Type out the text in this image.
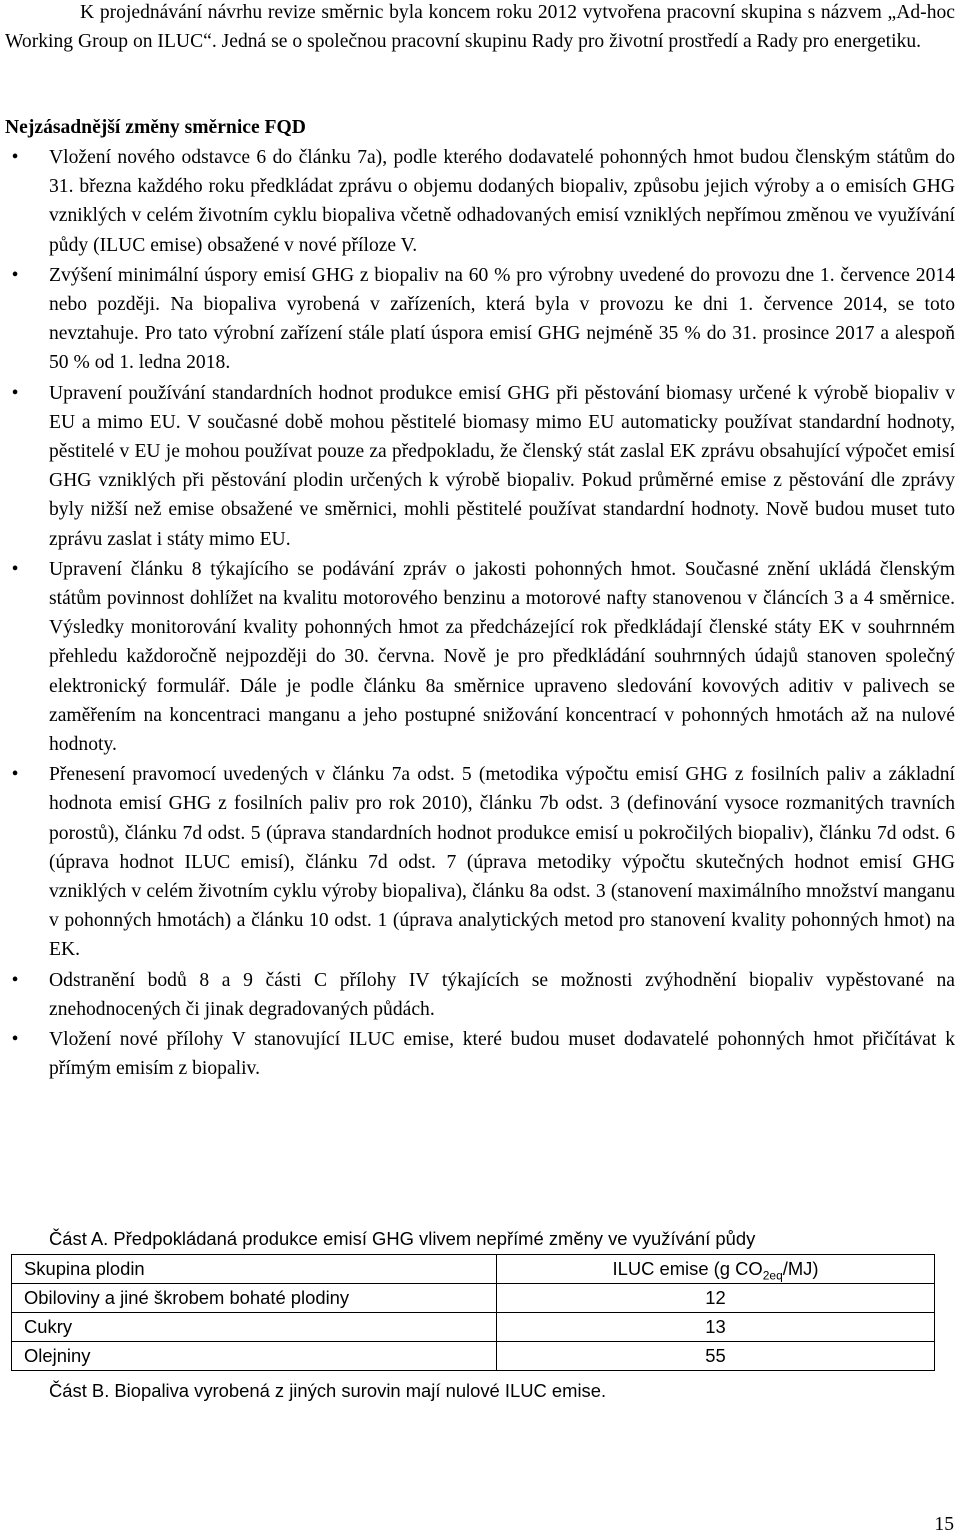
K projednávání návrhu revize směrnic byla koncem roku 2012 vytvořena pracovní skupina s názvem „Ad-hoc Working Group on ILUC“. Jedná se o společnou pracovní skupinu Rady pro životní prostředí a Rady pro energetiku.

Nejzásadnější změny směrnice FQD

•	Vložení nového odstavce 6 do článku 7a), podle kterého dodavatelé pohonných hmot budou členským státům do 31. března každého roku předkládat zprávu o objemu dodaných biopaliv, způsobu jejich výroby a o emisích GHG vzniklých v celém životním cyklu biopaliva včetně odhadovaných emisí vzniklých nepřímou změnou ve využívání půdy (ILUC emise) obsažené v nové příloze V.
•	Zvýšení minimální úspory emisí GHG z biopaliv na 60 % pro výrobny uvedené do provozu dne 1. července 2014 nebo později. Na biopaliva vyrobená v zařízeních, která byla v provozu ke dni 1. července 2014, se toto nevztahuje. Pro tato výrobní zařízení stále platí úspora emisí GHG nejméně 35 % do 31. prosince 2017 a alespoň 50 % od 1. ledna 2018.
•	Upravení používání standardních hodnot produkce emisí GHG při pěstování biomasy určené k výrobě biopaliv v EU a mimo EU. V současné době mohou pěstitelé biomasy mimo EU automaticky používat standardní hodnoty, pěstitelé v EU je mohou používat pouze za předpokladu, že členský stát zaslal EK zprávu obsahující výpočet emisí GHG vzniklých při pěstování plodin určených k výrobě biopaliv. Pokud průměrné emise z pěstování dle zprávy byly nižší než emise obsažené ve směrnici, mohli pěstitelé používat standardní hodnoty. Nově budou muset tuto zprávu zaslat i státy mimo EU.
•	Upravení článku 8 týkajícího se podávání zpráv o jakosti pohonných hmot. Současné znění ukládá členským státům povinnost dohlížet na kvalitu motorového benzinu a motorové nafty stanovenou v článcích 3 a 4 směrnice. Výsledky monitorování kvality pohonných hmot za předcházející rok předkládají členské státy EK v souhrnném přehledu každoročně nejpozději do 30. června. Nově je pro předkládání souhrnných údajů stanoven společný elektronický formulář. Dále je podle článku 8a směrnice upraveno sledování kovových aditiv v palivech se zaměřením na koncentraci manganu a jeho postupné snižování koncentrací v pohonných hmotách až na nulové hodnoty.
•	Přenesení pravomocí uvedených v článku 7a odst. 5 (metodika výpočtu emisí GHG z fosilních paliv a základní hodnota emisí GHG z fosilních paliv pro rok 2010), článku 7b odst. 3 (definování vysoce rozmanitých travních porostů), článku 7d odst. 5 (úprava standardních hodnot produkce emisí u pokročilých biopaliv), článku 7d odst. 6 (úprava hodnot ILUC emisí), článku 7d odst. 7 (úprava metodiky výpočtu skutečných hodnot emisí GHG vzniklých v celém životním cyklu výroby biopaliva), článku 8a odst. 3 (stanovení maximálního množství manganu v pohonných hmotách) a článku 10 odst. 1 (úprava analytických metod pro stanovení kvality pohonných hmot) na EK.
•	Odstranění bodů 8 a 9 části C přílohy IV týkajících se možnosti zvýhodnění biopaliv vypěstované na znehodnocených či jinak degradovaných půdách.
•	Vložení nové přílohy V stanovující ILUC emise, které budou muset dodavatelé pohonných hmot přičítávat k přímým emisím z biopaliv.

Část A. Předpokládaná produkce emisí GHG vlivem nepřímé změny ve využívání půdy

Skupina plodin	ILUC emise (g $CO_{2eq}/MJ$)
Obiloviny a jiné škrobem bohaté plodiny	12
Cukry	13
Olejniny	55

Část B. Biopaliva vyrobená z jiných surovin mají nulové ILUC emise.

15
